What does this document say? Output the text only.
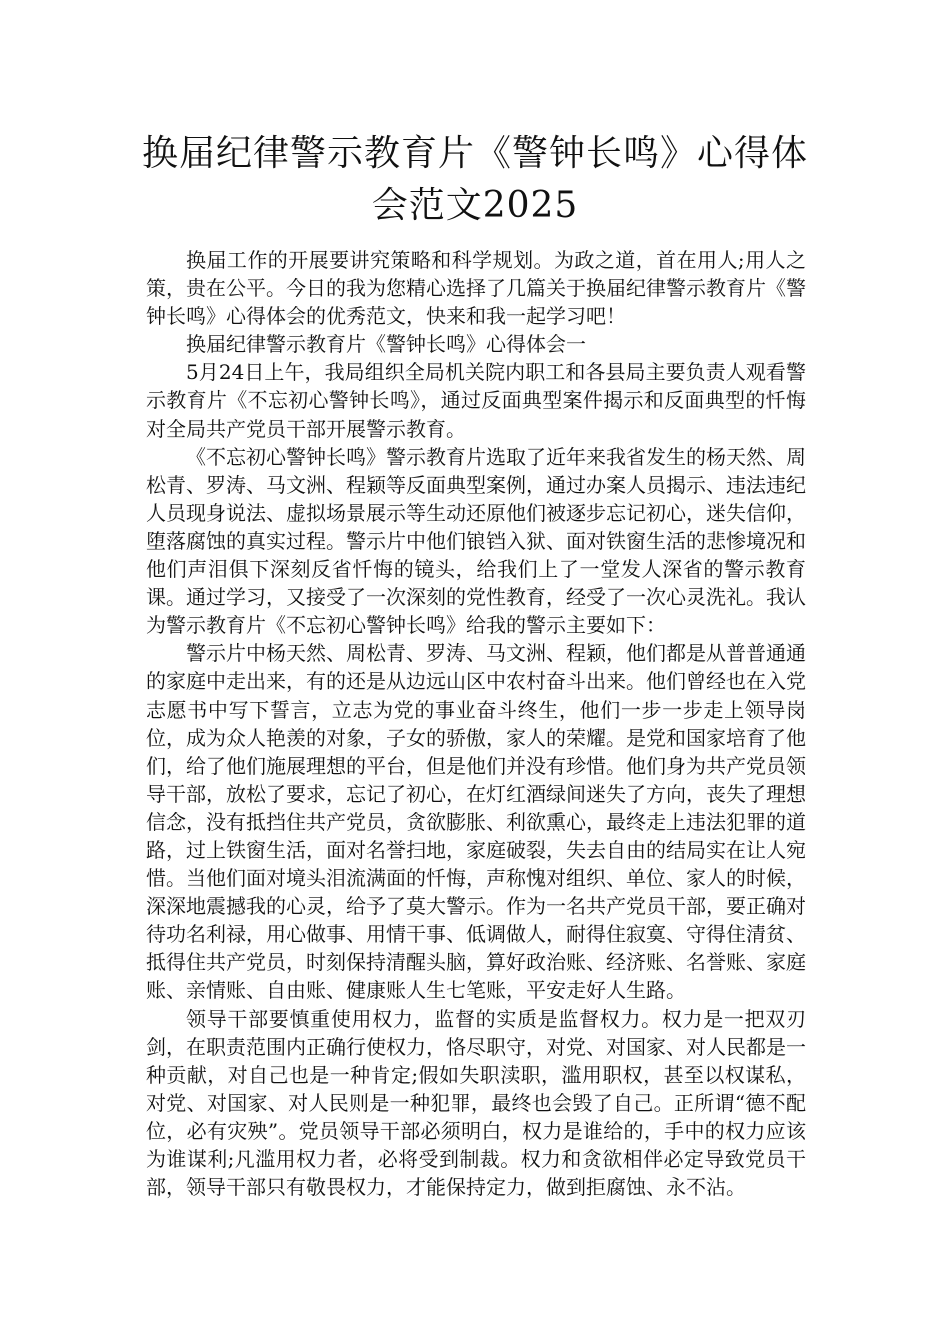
换届纪律警示教育片《警钟长鸣》心得体
会范文2025

换届工作的开展要讲究策略和科学规划。为政之道，首在用人;用人之策，贵在公平。今日的我为您精心选择了几篇关于换届纪律警示教育片《警钟长鸣》心得体会的优秀范文，快来和我一起学习吧！

换届纪律警示教育片《警钟长鸣》心得体会一

5月24日上午，我局组织全局机关院内职工和各县局主要负责人观看警示教育片《不忘初心警钟长鸣》，通过反面典型案件揭示和反面典型的忏悔对全局共产党员干部开展警示教育。

《不忘初心警钟长鸣》警示教育片选取了近年来我省发生的杨天然、周松青、罗涛、马文洲、程颖等反面典型案例，通过办案人员揭示、违法违纪人员现身说法、虚拟场景展示等生动还原他们被逐步忘记初心，迷失信仰，堕落腐蚀的真实过程。警示片中他们锒铛入狱、面对铁窗生活的悲惨境况和他们声泪俱下深刻反省忏悔的镜头，给我们上了一堂发人深省的警示教育课。通过学习，又接受了一次深刻的党性教育，经受了一次心灵洗礼。我认为警示教育片《不忘初心警钟长鸣》给我的警示主要如下：

警示片中杨天然、周松青、罗涛、马文洲、程颖，他们都是从普普通通的家庭中走出来，有的还是从边远山区中农村奋斗出来。他们曾经也在入党志愿书中写下誓言，立志为党的事业奋斗终生，他们一步一步走上领导岗位，成为众人艳羡的对象，子女的骄傲，家人的荣耀。是党和国家培育了他们，给了他们施展理想的平台，但是他们并没有珍惜。他们身为共产党员领导干部，放松了要求，忘记了初心，在灯红酒绿间迷失了方向，丧失了理想信念，没有抵挡住共产党员，贪欲膨胀、利欲熏心，最终走上违法犯罪的道路，过上铁窗生活，面对名誉扫地，家庭破裂，失去自由的结局实在让人宛惜。当他们面对境头泪流满面的忏悔，声称愧对组织、单位、家人的时候，深深地震撼我的心灵，给予了莫大警示。作为一名共产党员干部，要正确对待功名利禄，用心做事、用情干事、低调做人，耐得住寂寞、守得住清贫、抵得住共产党员，时刻保持清醒头脑，算好政治账、经济账、名誉账、家庭账、亲情账、自由账、健康账人生七笔账，平安走好人生路。

领导干部要慎重使用权力，监督的实质是监督权力。权力是一把双刃剑，在职责范围内正确行使权力，恪尽职守，对党、对国家、对人民都是一种贡献，对自己也是一种肯定;假如失职渎职，滥用职权，甚至以权谋私，对党、对国家、对人民则是一种犯罪，最终也会毁了自己。正所谓“德不配位，必有灾殃”。党员领导干部必须明白，权力是谁给的，手中的权力应该为谁谋利;凡滥用权力者，必将受到制裁。权力和贪欲相伴必定导致党员干部，领导干部只有敬畏权力，才能保持定力，做到拒腐蚀、永不沾。
